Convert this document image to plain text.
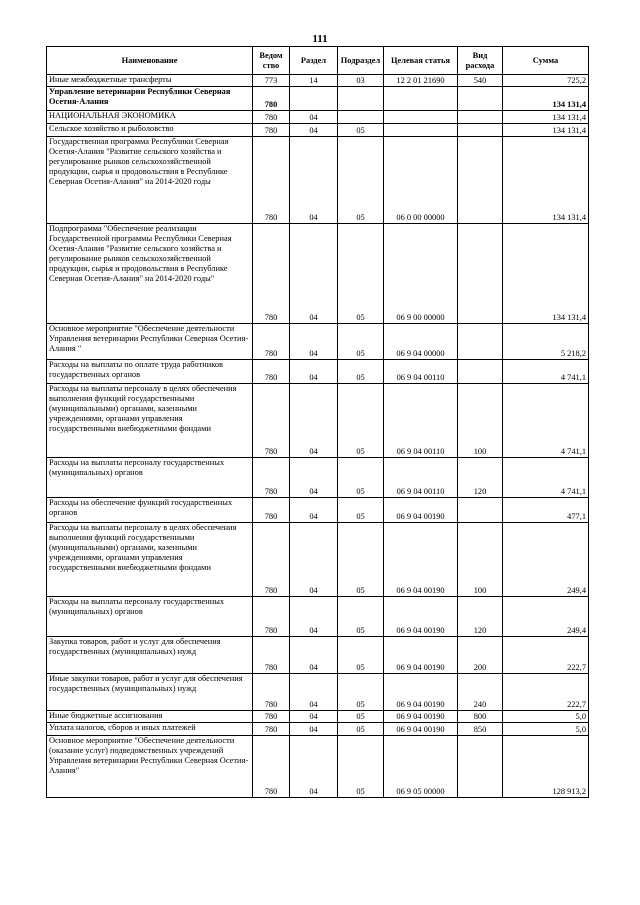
111
Наименование	Ведом ство	Раздел	Подраздел	Целевая статья	Вид расхода	Сумма
Иные межбюджетные трансферты	773	14	03	12 2 01 21690	540	725,2
Управление ветеринарии Республики Северная Осетия-Алания	780					134 131,4
НАЦИОНАЛЬНАЯ ЭКОНОМИКА	780	04				134 131,4
Сельское хозяйство и рыболовство	780	04	05			134 131,4
Государственная программа Республики Северная Осетия-Алания "Развитие сельского хозяйства и регулирование рынков сельскохозяйственной продукции, сырья и продовольствия в Республике Северная Осетия-Алания" на 2014-2020 годы	780	04	05	06 0 00 00000		134 131,4
Подпрограмма "Обеспечение реализации Государственной программы Республики Северная Осетия-Алания "Развитие сельского хозяйства и регулирование рынков сельскохозяйственной продукции, сырья и продовольствия в Республике Северная Осетия-Алания" на 2014-2020 годы"	780	04	05	06 9 00 00000		134 131,4
Основное мероприятие "Обеспечение деятельности Управления ветеринарии Республики Северная Осетия-Алания "	780	04	05	06 9 04 00000		5 218,2
Расходы на выплаты по оплате труда работников государственных органов	780	04	05	06 9 04 00110		4 741,1
Расходы на выплаты персоналу в целях обеспечения выполнения функций государственными (муниципальными) органами, казенными учреждениями, органами управления государственными внебюджетными фондами	780	04	05	06 9 04 00110	100	4 741,1
Расходы на выплаты персоналу государственных (муниципальных) органов	780	04	05	06 9 04 00110	120	4 741,1
Расходы на обеспечение функций государственных органов	780	04	05	06 9 04 00190		477,1
Расходы на выплаты персоналу в целях обеспечения выполнения функций государственными (муниципальными) органами, казенными учреждениями, органами управления государственными внебюджетными фондами	780	04	05	06 9 04 00190	100	249,4
Расходы на выплаты персоналу государственных (муниципальных) органов	780	04	05	06 9 04 00190	120	249,4
Закупка товаров, работ и услуг для обеспечения государственных (муниципальных) нужд	780	04	05	06 9 04 00190	200	222,7
Иные закупки товаров, работ и услуг для обеспечения государственных (муниципальных) нужд	780	04	05	06 9 04 00190	240	222,7
Иные бюджетные ассигнования	780	04	05	06 9 04 00190	800	5,0
Уплата налогов, сборов и иных платежей	780	04	05	06 9 04 00190	850	5,0
Основное мероприятие "Обеспечение деятельности (оказание услуг) подведомственных учреждений Управления ветеринарии Республики Северная Осетия-Алания"	780	04	05	06 9 05 00000		128 913,2
